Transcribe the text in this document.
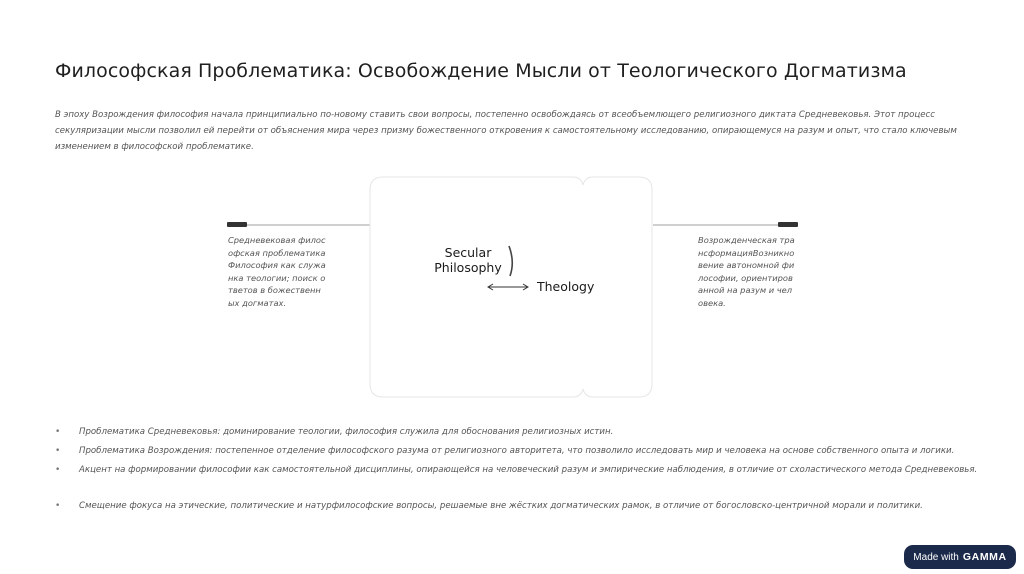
Философская Проблематика: Освобождение Мысли от Теологического Догматизма
В эпоху Возрождения философия начала принципиально по-новому ставить свои вопросы, постепенно освобождаясь от всеобъемлющего религиозного диктата Средневековья. Этот процесс секуляризации мысли позволил ей перейти от объяснения мира через призму божественного откровения к самостоятельному исследованию, опирающемуся на разум и опыт, что стало ключевым изменением в философской проблематике.
Средневековая философская проблематикаФилософия как служанка теологии; поиск ответов в божественных догматах.
Возрожденческая трансформацияВозникновение автономной философии, ориентированной на разум и человека.
Secular
Philosophy
Theology
• Проблематика Средневековья: доминирование теологии, философия служила для обоснования религиозных истин.
• Проблематика Возрождения: постепенное отделение философского разума от религиозного авторитета, что позволило исследовать мир и человека на основе собственного опыта и логики.
• Акцент на формировании философии как самостоятельной дисциплины, опирающейся на человеческий разум и эмпирические наблюдения, в отличие от схоластического метода Средневековья.
• Смещение фокуса на этические, политические и натурфилософские вопросы, решаемые вне жёстких догматических рамок, в отличие от богословско-центричной морали и политики.
Made with GAMMA
